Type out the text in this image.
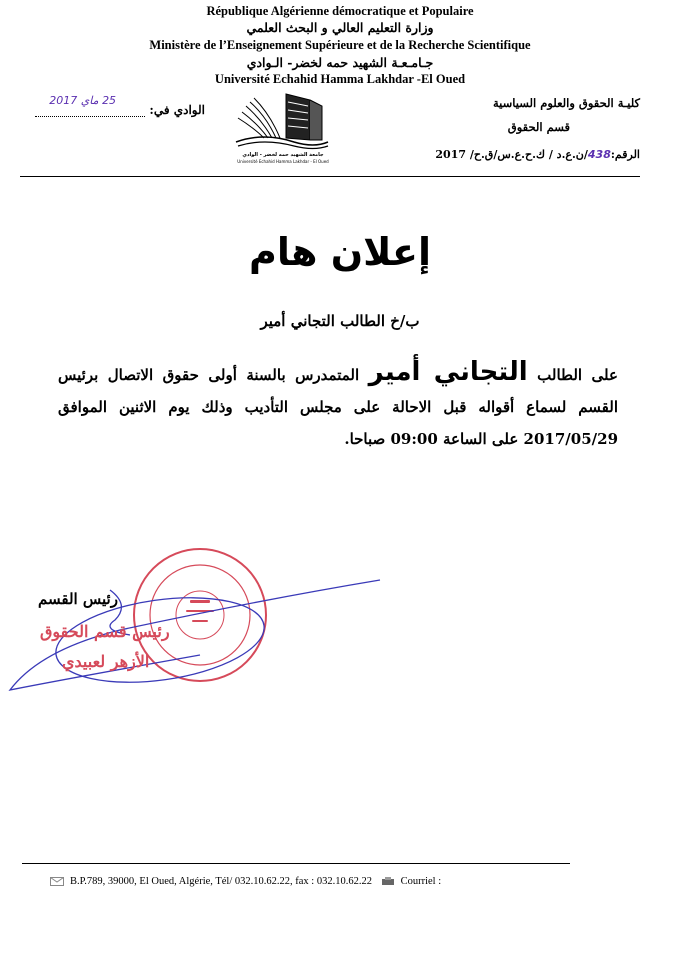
République Algérienne démocratique et Populaire
وزارة التعليم العالي و البحث العلمي
Ministère de l’Enseignement Supérieure et de la Recherche Scientifique
جـامـعـة الشهيد حمه لخضر- الـوادي
Université Echahid Hamma Lakhdar -El Oued
كليـة الحقوق والعلوم السياسية
قسم الحقوق
الرقم:438/ن.ع.د / ك.ح.ع.س/ق.ح/ 2017
الوادي في:
25 ماي 2017
جامعة الشهيد حمه لخضر - الوادي
Université Echahid Hamma Lakhdar - El Oued
إعلان هام
ب/خ الطالب التجاني أمير
على الطالب التجاني أمير المتمدرس بالسنة أولى حقوق الاتصال برئيس القسم لسماع أقواله قبل الاحالة على مجلس التأديب وذلك يوم الاثنين الموافق 2017/05/29 على الساعة 09:00 صباحا.
رئيس القسم
رئيس قسم الحقوق
الأزهر لعبيدي
B.P.789, 39000, El Oued, Algérie, Tél/ 032.10.62.22, fax : 032.10.62.22	Courriel :
